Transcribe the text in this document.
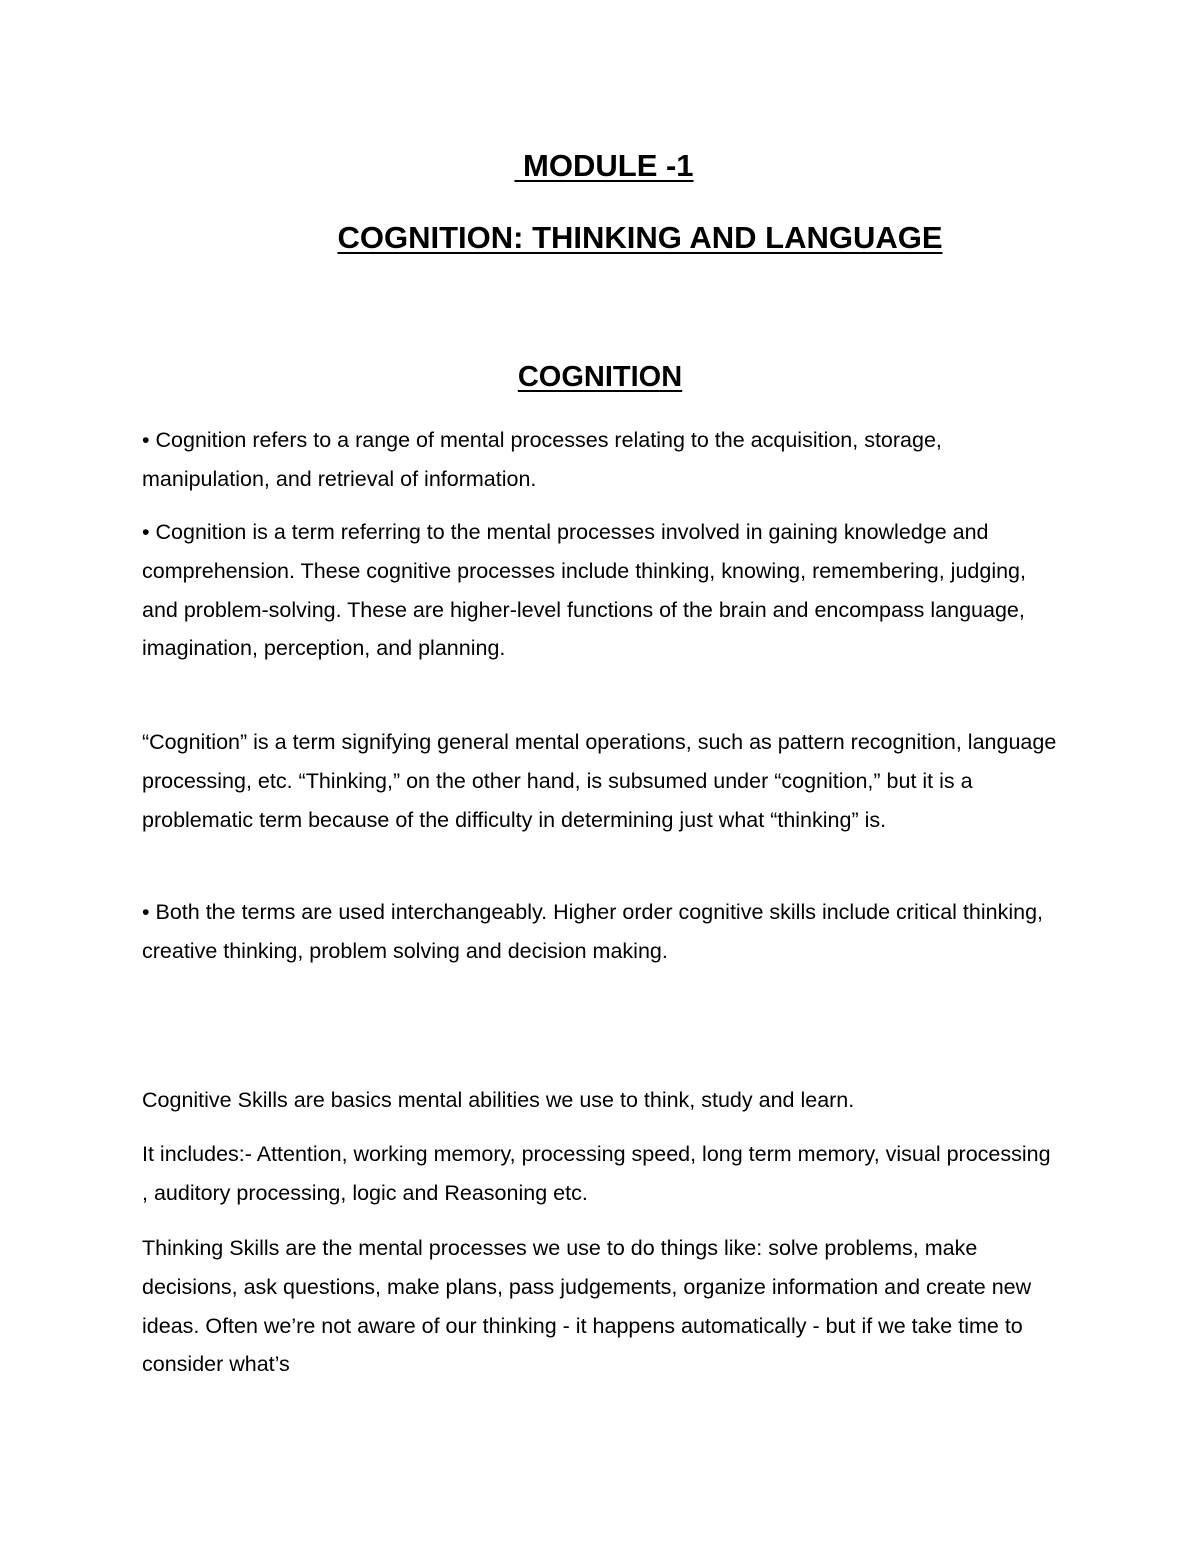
MODULE -1
COGNITION: THINKING AND LANGUAGE
COGNITION

• Cognition refers to a range of mental processes relating to the acquisition, storage, manipulation, and retrieval of information.

• Cognition is a term referring to the mental processes involved in gaining knowledge and comprehension. These cognitive processes include thinking, knowing, remembering, judging, and problem-solving. These are higher-level functions of the brain and encompass language, imagination, perception, and planning.

“Cognition” is a term signifying general mental operations, such as pattern recognition, language processing, etc. “Thinking,” on the other hand, is subsumed under “cognition,” but it is a problematic term because of the difficulty in determining just what “thinking” is.

• Both the terms are used interchangeably. Higher order cognitive skills include critical thinking, creative thinking, problem solving and decision making.

Cognitive Skills are basics mental abilities we use to think, study and learn.

It includes:- Attention, working memory, processing speed, long term memory, visual processing , auditory processing, logic and Reasoning etc.

Thinking Skills are the mental processes we use to do things like: solve problems, make decisions, ask questions, make plans, pass judgements, organize information and create new ideas. Often we’re not aware of our thinking - it happens automatically - but if we take time to consider what’s
